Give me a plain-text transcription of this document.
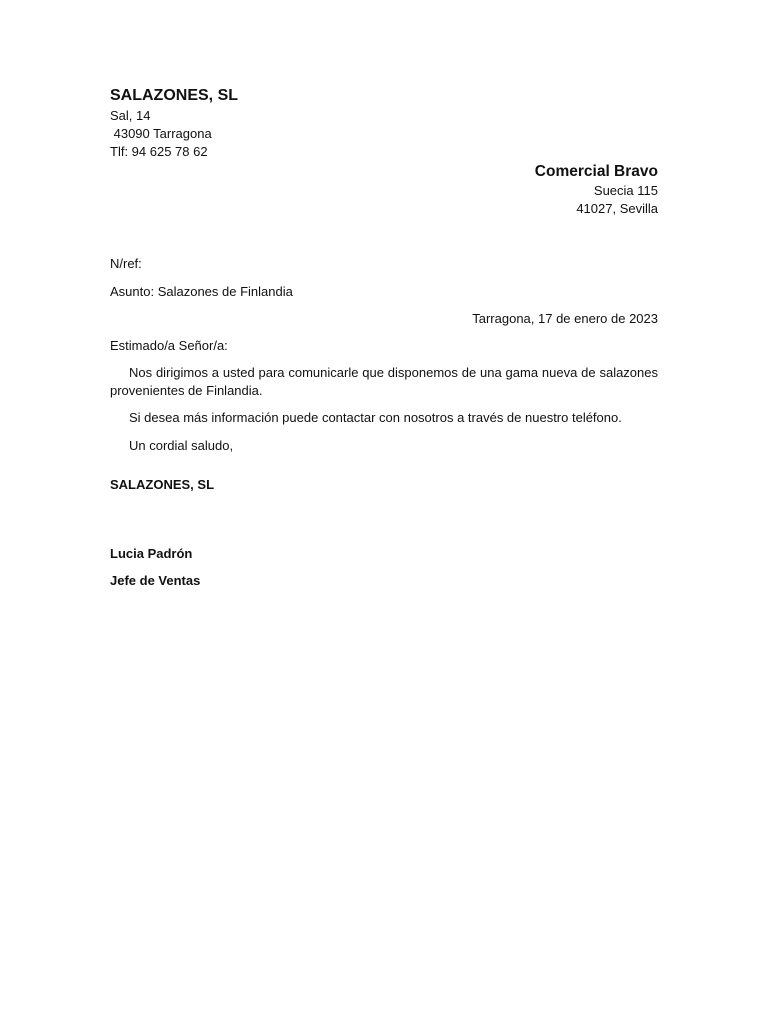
SALAZONES, SL
Sal, 14
43090 Tarragona
Tlf: 94 625 78 62
Comercial Bravo
Suecia 115
41027, Sevilla
N/ref:
Asunto: Salazones de Finlandia
Tarragona, 17 de enero de 2023
Estimado/a Señor/a:
Nos dirigimos a usted para comunicarle que disponemos de una gama nueva de salazones provenientes de Finlandia.
Si desea más información puede contactar con nosotros a través de nuestro teléfono.
Un cordial saludo,
SALAZONES, SL
Lucia Padrón
Jefe de Ventas
